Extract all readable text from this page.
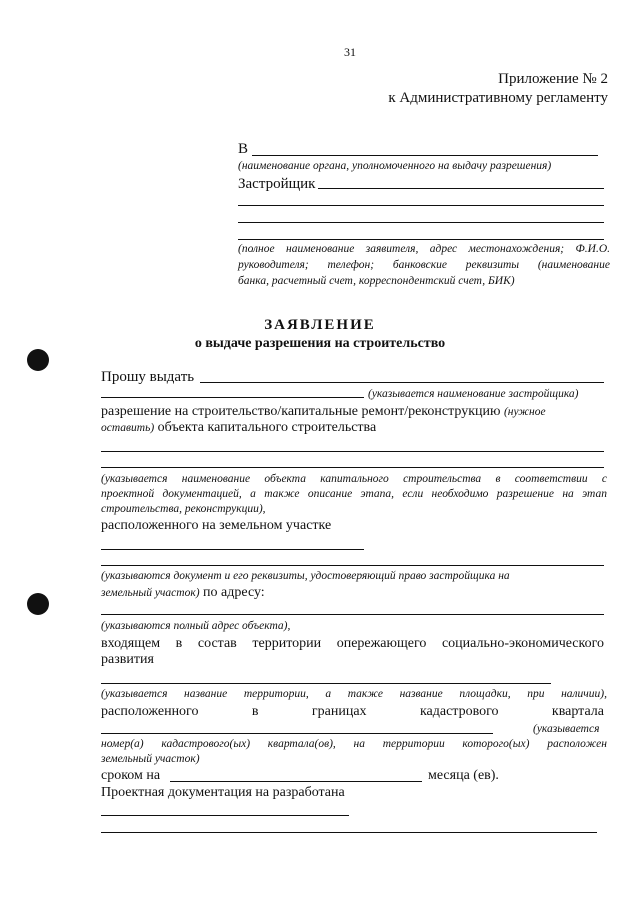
31
Приложение № 2
к Административному регламенту
В
(наименование органа, уполномоченного на выдачу разрешения)
Застройщик
(полное наименование заявителя, адрес местонахождения; Ф.И.О.
руководителя; телефон; банковские реквизиты (наименование
банка, расчетный счет, корреспондентский счет, БИК)
ЗАЯВЛЕНИЕ
о выдаче разрешения на строительство
Прошу выдать
(указывается наименование застройщика)
разрешение на строительство/капитальные ремонт/реконструкцию (нужное
оставить) объекта капитального строительства
(указывается наименование объекта капитального строительства в соответствии с
проектной документацией, а также описание этапа, если необходимо разрешение на этап
строительства, реконструкции),
расположенного на земельном участке
(указываются документ и его реквизиты, удостоверяющий право застройщика на
земельный участок) по адресу:
(указываются полный адрес объекта),
входящем в состав территории опережающего социально-экономического
развития
(указывается название территории, а также название площадки, при наличии),
расположенного в границах кадастрового квартала
(указывается
номер(а) кадастрового(ых) квартала(ов), на территории которого(ых) расположен
земельный участок)
сроком на	месяца (ев).
Проектная документация на разработана
